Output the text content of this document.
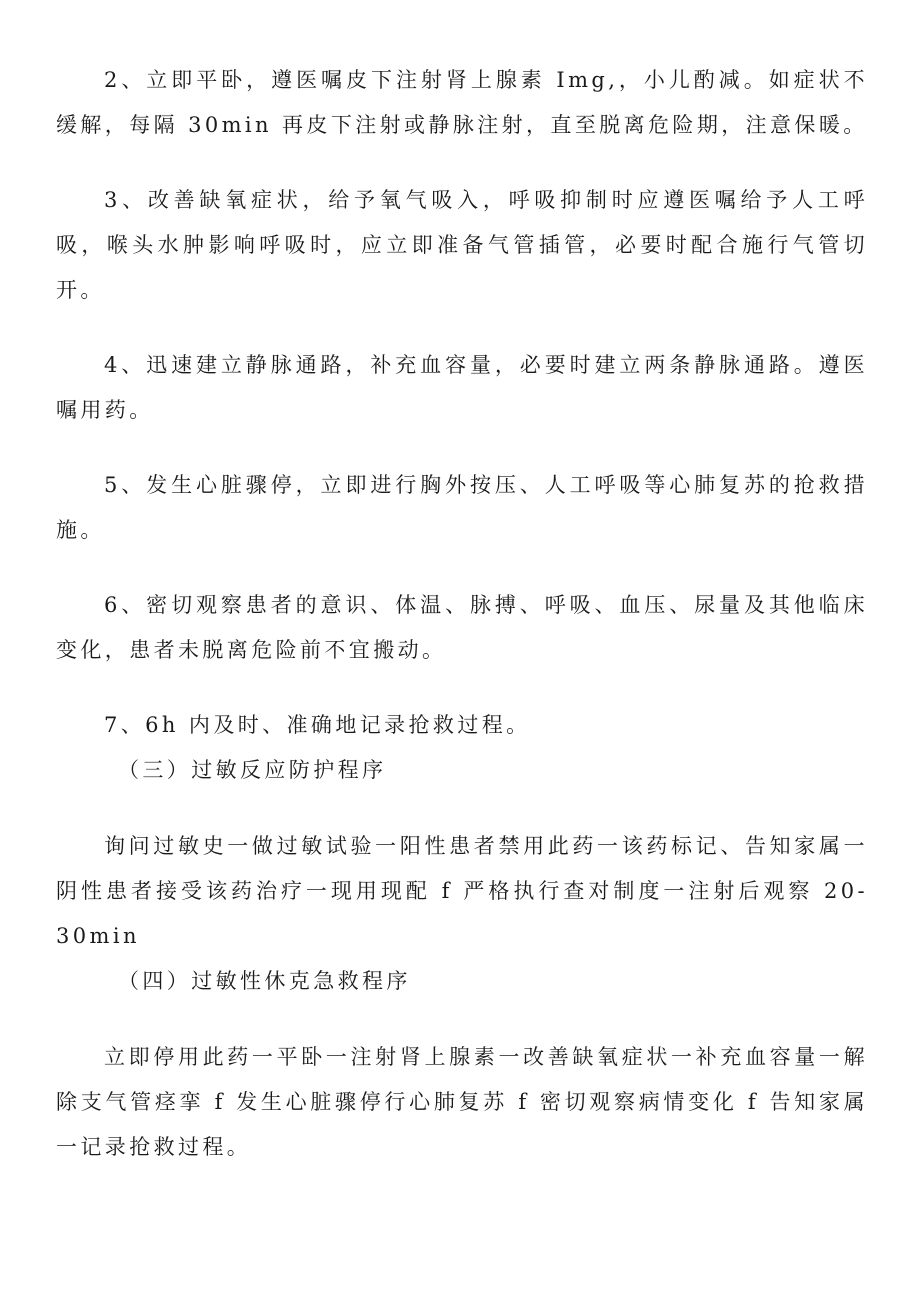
2、立即平卧，遵医嘱皮下注射肾上腺素 Img,，小儿酌减。如症状不缓解，每隔 30min 再皮下注射或静脉注射，直至脱离危险期，注意保暖。

3、改善缺氧症状，给予氧气吸入，呼吸抑制时应遵医嘱给予人工呼吸，喉头水肿影响呼吸时，应立即准备气管插管，必要时配合施行气管切开。

4、迅速建立静脉通路，补充血容量，必要时建立两条静脉通路。遵医嘱用药。

5、发生心脏骤停，立即进行胸外按压、人工呼吸等心肺复苏的抢救措施。

6、密切观察患者的意识、体温、脉搏、呼吸、血压、尿量及其他临床变化，患者未脱离危险前不宜搬动。

7、6h 内及时、准确地记录抢救过程。

（三）过敏反应防护程序

询问过敏史一做过敏试验一阳性患者禁用此药一该药标记、告知家属一阴性患者接受该药治疗一现用现配 f 严格执行查对制度一注射后观察 20-30min

（四）过敏性休克急救程序

立即停用此药一平卧一注射肾上腺素一改善缺氧症状一补充血容量一解除支气管痉挛 f 发生心脏骤停行心肺复苏 f 密切观察病情变化 f 告知家属一记录抢救过程。
